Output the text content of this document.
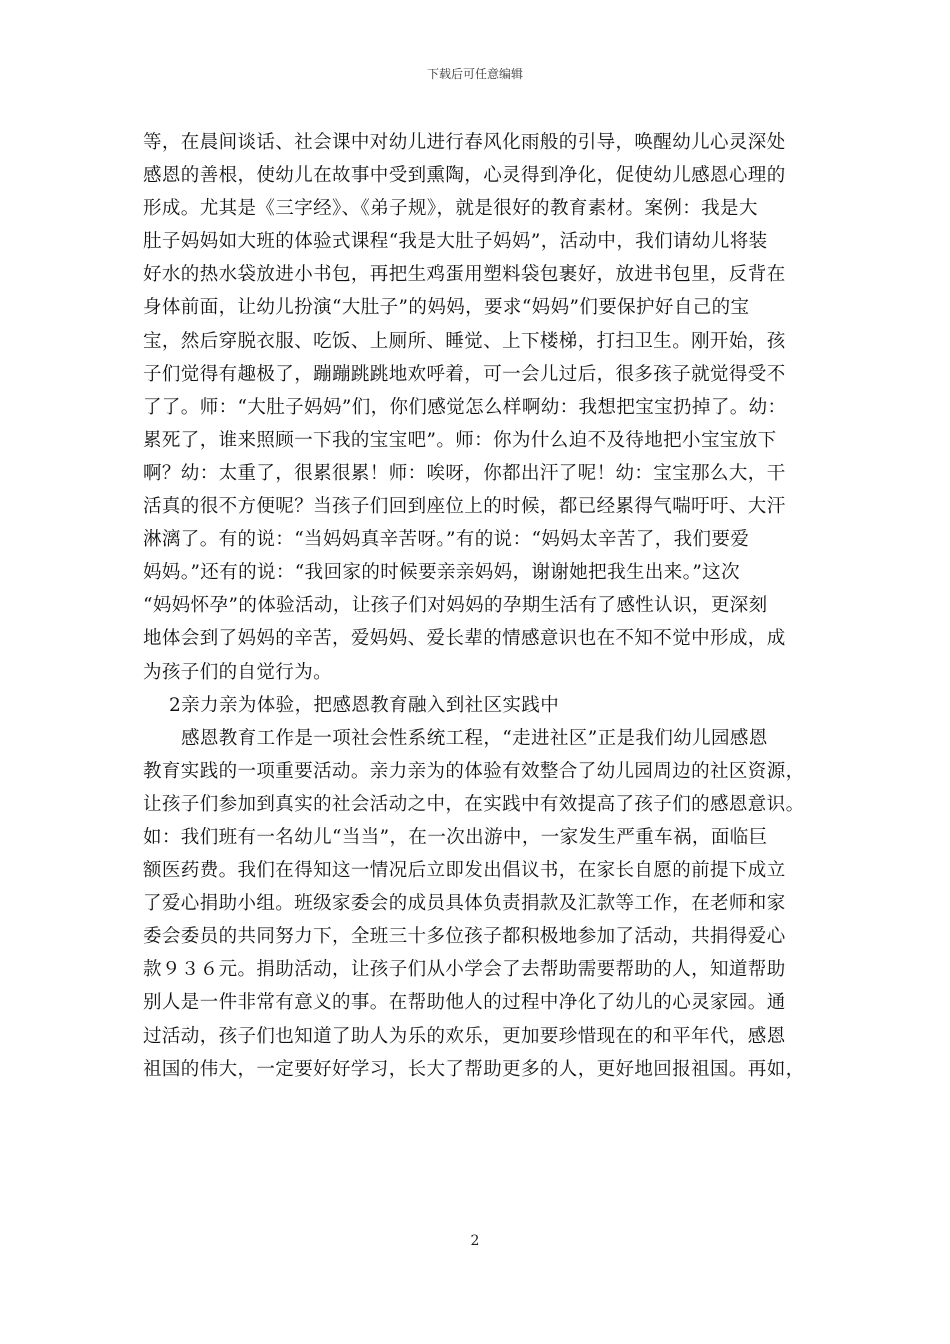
下载后可任意编辑
等，在晨间谈话、社会课中对幼儿进行春风化雨般的引导，唤醒幼儿心灵深处
感恩的善根，使幼儿在故事中受到熏陶，心灵得到净化，促使幼儿感恩心理的
形成。尤其是《三字经》、《弟子规》，就是很好的教育素材。案例：我是大
肚子妈妈如大班的体验式课程“我是大肚子妈妈”，活动中，我们请幼儿将装
好水的热水袋放进小书包，再把生鸡蛋用塑料袋包裹好，放进书包里，反背在
身体前面，让幼儿扮演“大肚子”的妈妈，要求“妈妈”们要保护好自己的宝
宝，然后穿脱衣服、吃饭、上厕所、睡觉、上下楼梯，打扫卫生。刚开始，孩
子们觉得有趣极了，蹦蹦跳跳地欢呼着，可一会儿过后，很多孩子就觉得受不
了了。师：“大肚子妈妈”们，你们感觉怎么样啊幼：我想把宝宝扔掉了。幼：
累死了，谁来照顾一下我的宝宝吧”。师：你为什么迫不及待地把小宝宝放下
啊？幼：太重了，很累很累！师：唉呀，你都出汗了呢！幼：宝宝那么大，干
活真的很不方便呢？当孩子们回到座位上的时候，都已经累得气喘吁吁、大汗
淋漓了。有的说：“当妈妈真辛苦呀。”有的说：“妈妈太辛苦了，我们要爱
妈妈。”还有的说：“我回家的时候要亲亲妈妈，谢谢她把我生出来。”这次
“妈妈怀孕”的体验活动，让孩子们对妈妈的孕期生活有了感性认识，更深刻
地体会到了妈妈的辛苦，爱妈妈、爱长辈的情感意识也在不知不觉中形成，成
为孩子们的自觉行为。
2亲力亲为体验，把感恩教育融入到社区实践中
感恩教育工作是一项社会性系统工程，“走进社区”正是我们幼儿园感恩
教育实践的一项重要活动。亲力亲为的体验有效整合了幼儿园周边的社区资源，
让孩子们参加到真实的社会活动之中，在实践中有效提高了孩子们的感恩意识。
如：我们班有一名幼儿“当当”，在一次出游中，一家发生严重车祸，面临巨
额医药费。我们在得知这一情况后立即发出倡议书，在家长自愿的前提下成立
了爱心捐助小组。班级家委会的成员具体负责捐款及汇款等工作，在老师和家
委会委员的共同努力下，全班三十多位孩子都积极地参加了活动，共捐得爱心
款９３６元。捐助活动，让孩子们从小学会了去帮助需要帮助的人，知道帮助
别人是一件非常有意义的事。在帮助他人的过程中净化了幼儿的心灵家园。通
过活动，孩子们也知道了助人为乐的欢乐，更加要珍惜现在的和平年代，感恩
祖国的伟大，一定要好好学习，长大了帮助更多的人，更好地回报祖国。再如，
2
